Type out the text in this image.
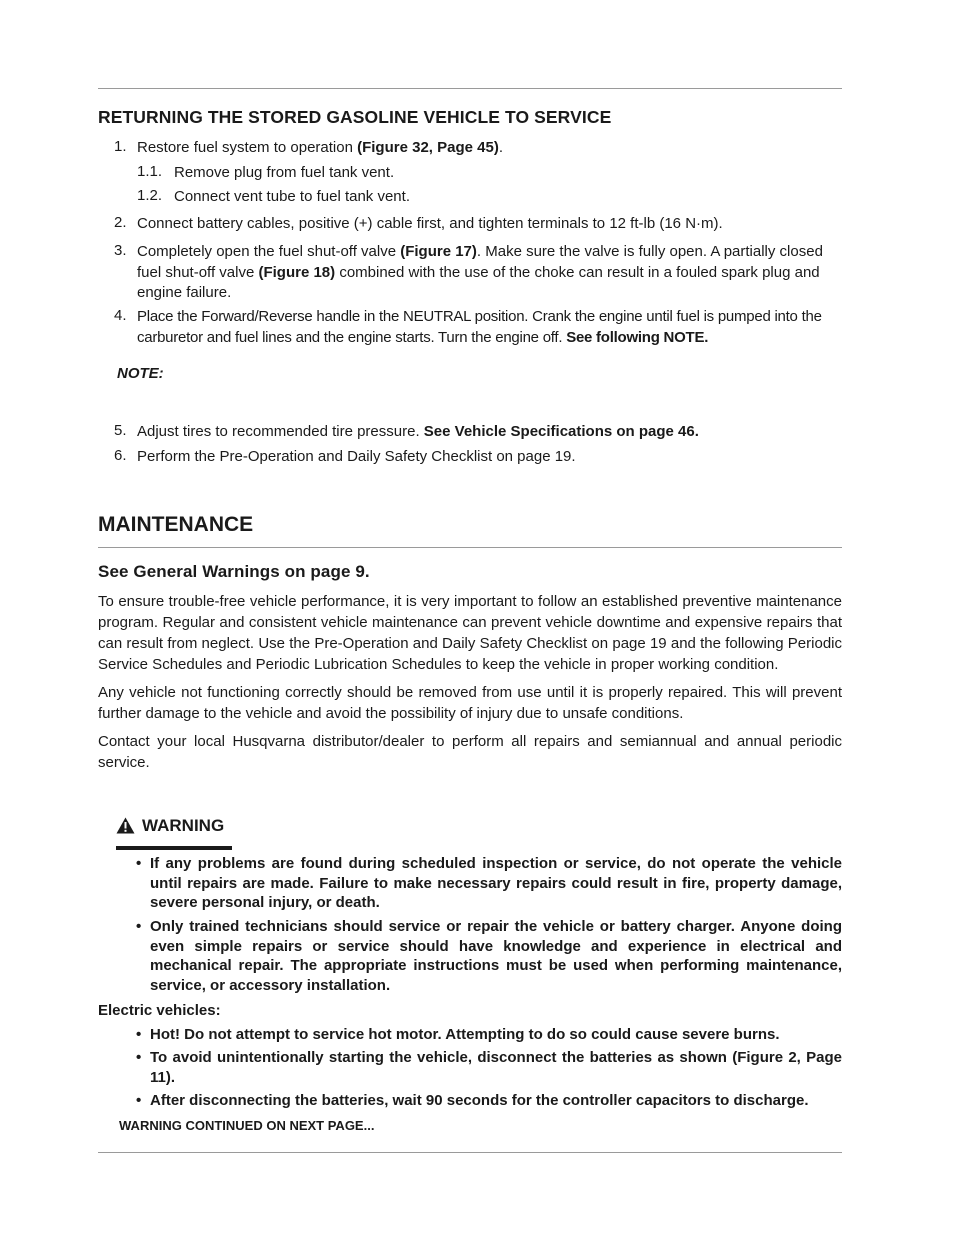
RETURNING THE STORED GASOLINE VEHICLE TO SERVICE
1. Restore fuel system to operation (Figure 32, Page 45).
1.1. Remove plug from fuel tank vent.
1.2. Connect vent tube to fuel tank vent.
2. Connect battery cables, positive (+) cable first, and tighten terminals to 12 ft-lb (16 N·m).
3. Completely open the fuel shut-off valve (Figure 17). Make sure the valve is fully open. A partially closed fuel shut-off valve (Figure 18) combined with the use of the choke can result in a fouled spark plug and engine failure.
4. Place the Forward/Reverse handle in the NEUTRAL position. Crank the engine until fuel is pumped into the carburetor and fuel lines and the engine starts. Turn the engine off. See following NOTE.
NOTE:
5. Adjust tires to recommended tire pressure. See Vehicle Specifications on page 46.
6. Perform the Pre-Operation and Daily Safety Checklist on page 19.
MAINTENANCE
See General Warnings on page 9.

To ensure trouble-free vehicle performance, it is very important to follow an established preventive maintenance program. Regular and consistent vehicle maintenance can prevent vehicle downtime and expensive repairs that can result from neglect. Use the Pre-Operation and Daily Safety Checklist on page 19 and the following Periodic Service Schedules and Periodic Lubrication Schedules to keep the vehicle in proper working condition.

Any vehicle not functioning correctly should be removed from use until it is properly repaired. This will prevent further damage to the vehicle and avoid the possibility of injury due to unsafe conditions.

Contact your local Husqvarna distributor/dealer to perform all repairs and semiannual and annual periodic service.

WARNING
• If any problems are found during scheduled inspection or service, do not operate the vehicle until repairs are made. Failure to make necessary repairs could result in fire, property damage, severe personal injury, or death.
• Only trained technicians should service or repair the vehicle or battery charger. Anyone doing even simple repairs or service should have knowledge and experience in electrical and mechanical repair. The appropriate instructions must be used when performing maintenance, service, or accessory installation.
Electric vehicles:
• Hot! Do not attempt to service hot motor. Attempting to do so could cause severe burns.
• To avoid unintentionally starting the vehicle, disconnect the batteries as shown (Figure 2, Page 11).
• After disconnecting the batteries, wait 90 seconds for the controller capacitors to discharge.
WARNING CONTINUED ON NEXT PAGE...
